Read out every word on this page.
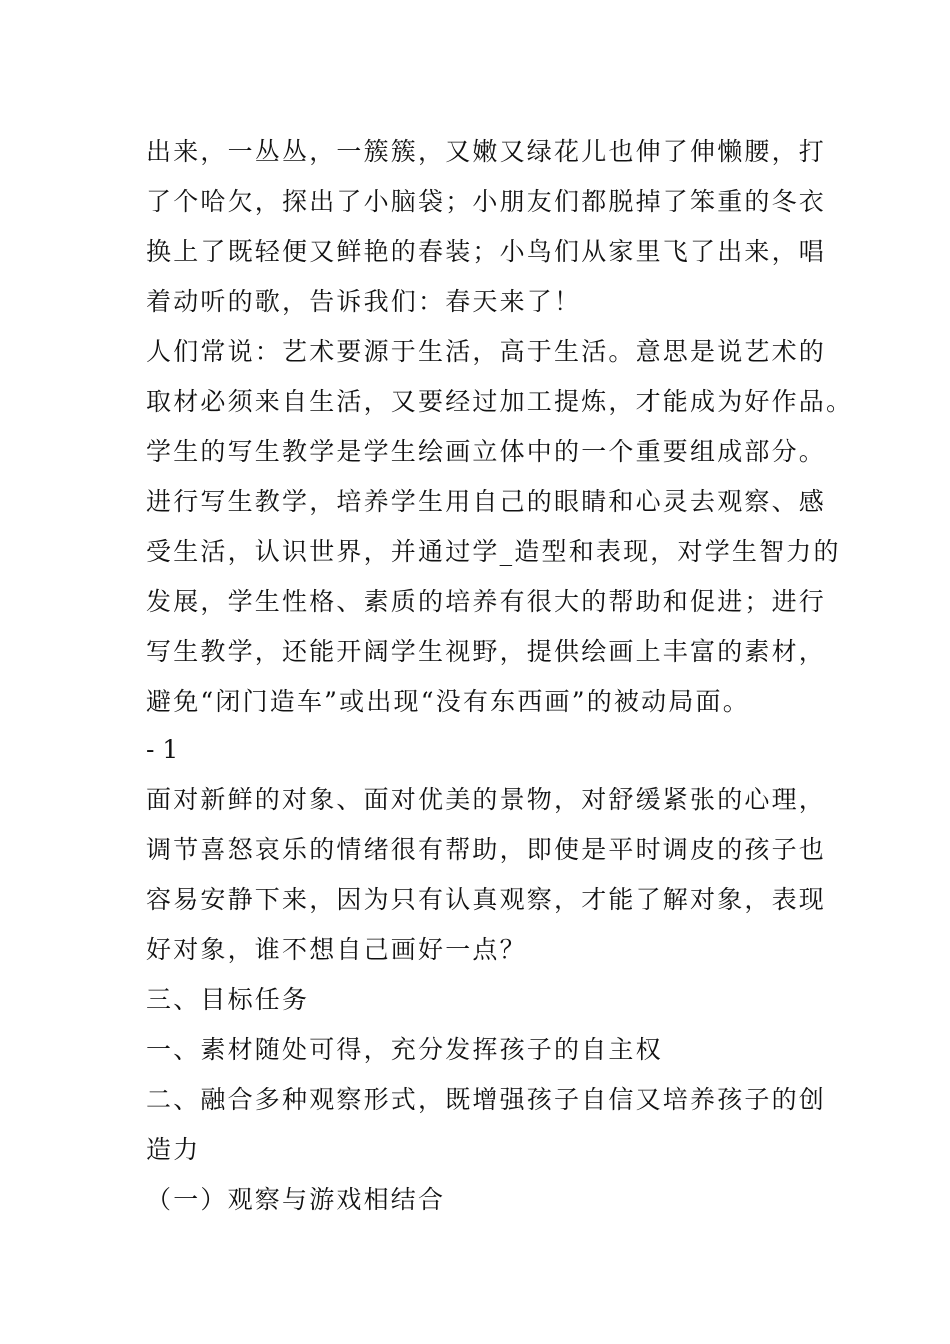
出来，一丛丛，一簇簇，又嫩又绿花儿也伸了伸懒腰，打
了个哈欠，探出了小脑袋；小朋友们都脱掉了笨重的冬衣
换上了既轻便又鲜艳的春装；小鸟们从家里飞了出来，唱
着动听的歌，告诉我们：春天来了！
人们常说：艺术要源于生活，高于生活。意思是说艺术的
取材必须来自生活，又要经过加工提炼，才能成为好作品。
学生的写生教学是学生绘画立体中的一个重要组成部分。
进行写生教学，培养学生用自己的眼睛和心灵去观察、感
受生活，认识世界，并通过学_造型和表现，对学生智力的
发展，学生性格、素质的培养有很大的帮助和促进；进行
写生教学，还能开阔学生视野，提供绘画上丰富的素材，
避免“闭门造车”或出现“没有东西画”的被动局面。
- 1
面对新鲜的对象、面对优美的景物，对舒缓紧张的心理，
调节喜怒哀乐的情绪很有帮助，即使是平时调皮的孩子也
容易安静下来，因为只有认真观察，才能了解对象，表现
好对象，谁不想自己画好一点？
三、目标任务
一、素材随处可得，充分发挥孩子的自主权
二、融合多种观察形式，既增强孩子自信又培养孩子的创
造力
（一）观察与游戏相结合
